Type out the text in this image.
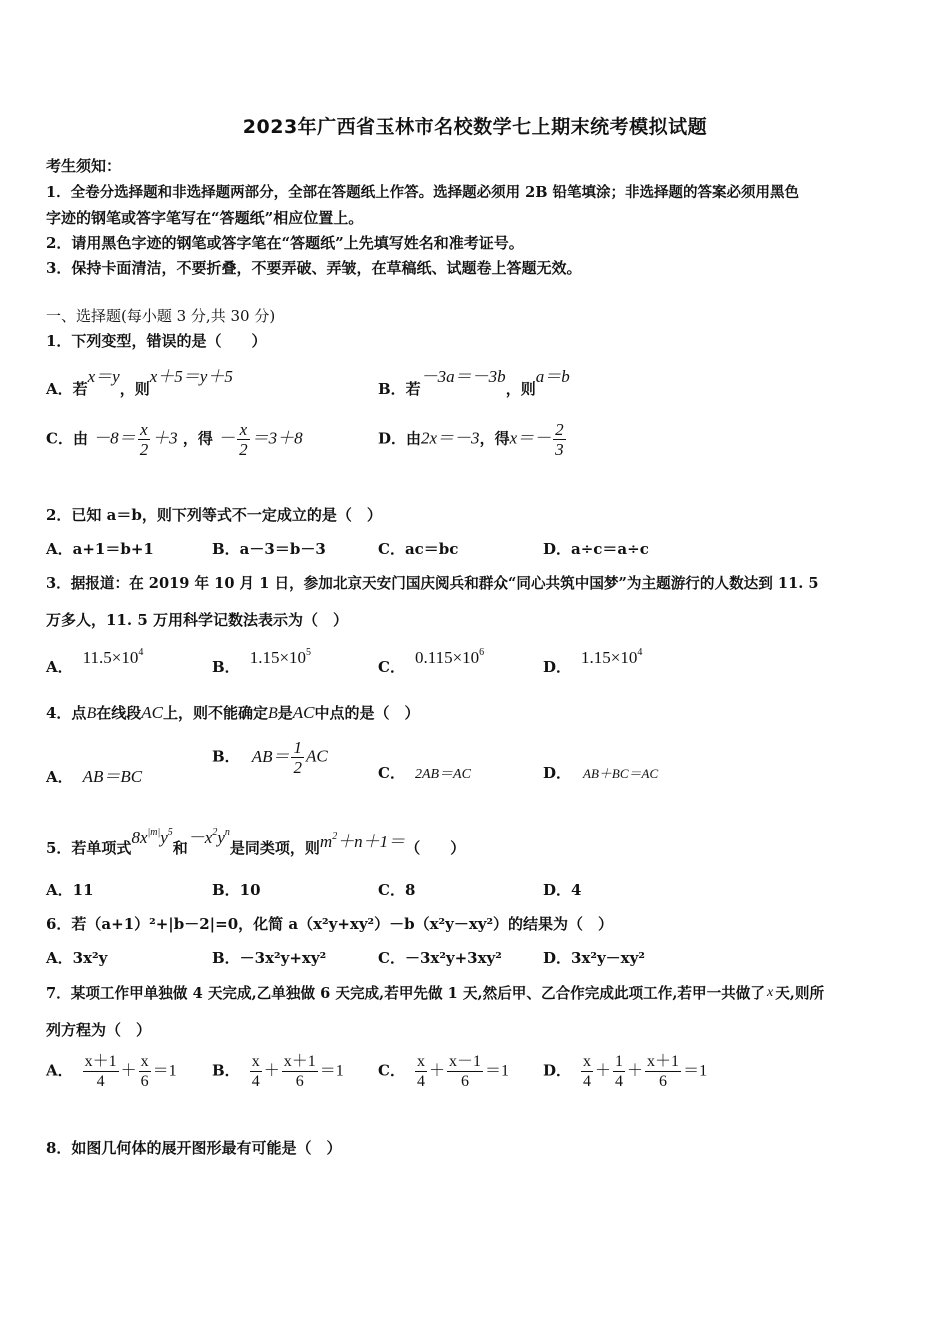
2023年广西省玉林市名校数学七上期末统考模拟试题
考生须知：
1．全卷分选择题和非选择题两部分，全部在答题纸上作答。选择题必须用 2B 铅笔填涂；非选择题的答案必须用黑色
字迹的钢笔或答字笔写在“答题纸”相应位置上。
2．请用黑色字迹的钢笔或答字笔在“答题纸”上先填写姓名和准考证号。
3．保持卡面清洁，不要折叠，不要弄破、弄皱，在草稿纸、试题卷上答题无效。
一、选择题(每小题 3 分,共 30 分)
1．下列变型，错误的是（　　）
A．若x＝y，则x＋5＝y＋5
B．若－3a＝－3b，则a＝b
C．由 $-8= \frac{x}{2} +3$ ，得 － $\frac{x}{2} =3+8$	D．由2x＝－3，得$x=- \frac{2}{3}$
2．已知 a＝b，则下列等式不一定成立的是（　）
A．a+1＝b+1	B．a－3＝b－3	C．ac＝bc	D．a÷c＝a÷c
3．据报道：在 2019 年 10 月 1 日，参加北京天安门国庆阅兵和群众“同心共筑中国梦”为主题游行的人数达到 11. 5
万多人，11. 5 万用科学记数法表示为（　）
A． $11.5\times 10^4$
B． $1.15\times 10^5$
C． $0.115\times 10^6$
D． $1.15\times 10^4$
4．点B在线段AC上，则不能确定B是AC中点的是（　）
A． AB＝BC
B． $AB= \frac{1}{2}$ AC
C． 2AB＝AC	D． AB＋BC＝AC
5．若单项式$8x^{|m|}y^5$和$-x^2y^n$是同类项，则$m^2+n+1=$（　　）
A．11	B．10	C．8	D．4
6．若（a+1）²+|b－2|=0，化简 a（x²y+xy²）－b（x²y－xy²）的结果为（　）
A．3x²y	B．－3x²y+xy²	C．－3x²y+3xy²	D．3x²y－xy²
7．某项工作甲单独做 4 天完成,乙单独做 6 天完成,若甲先做 1 天,然后甲、乙合作完成此项工作,若甲一共做了 x 天,则所
列方程为（　）
A． $\frac{x+1}{4} + \frac{x}{6} =1$ B． $\frac{x}{4} + \frac{x+1}{6} =1$ C． $\frac{x}{4} + \frac{x-1}{6} =1$ D． $\frac{x}{4} + \frac{1}{4} + \frac{x+1}{6} =1$
8．如图几何体的展开图形最有可能是（　）
